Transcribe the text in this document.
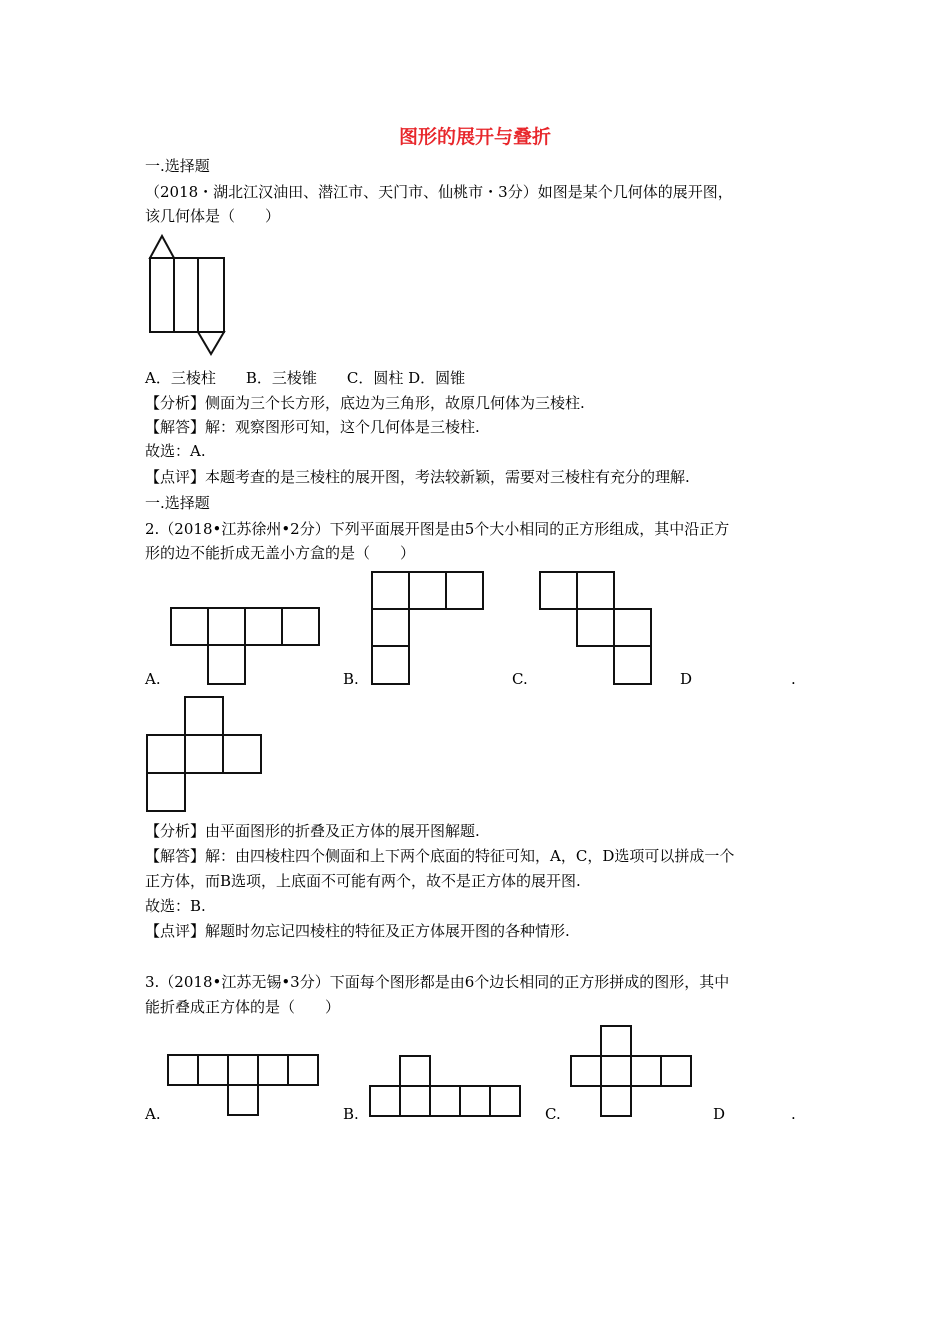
图形的展开与叠折
一.选择题
（2018・湖北江汉油田、潜江市、天门市、仙桃市・3分）如图是某个几何体的展开图，
该几何体是（　　）
A．三棱柱　　B．三棱锥　　C．圆柱 D．圆锥
【分析】侧面为三个长方形，底边为三角形，故原几何体为三棱柱.
【解答】解：观察图形可知，这个几何体是三棱柱.
故选：A.
【点评】本题考查的是三棱柱的展开图，考法较新颖，需要对三棱柱有充分的理解.
一.选择题
2.（2018•江苏徐州•2分）下列平面展开图是由5个大小相同的正方形组成，其中沿正方
形的边不能折成无盖小方盒的是（　　）
A.	B.	C.	D	.
【分析】由平面图形的折叠及正方体的展开图解题.
【解答】解：由四棱柱四个侧面和上下两个底面的特征可知，A，C，D选项可以拼成一个
正方体，而B选项，上底面不可能有两个，故不是正方体的展开图.
故选：B.
【点评】解题时勿忘记四棱柱的特征及正方体展开图的各种情形.
3.（2018•江苏无锡•3分）下面每个图形都是由6个边长相同的正方形拼成的图形，其中
能折叠成正方体的是（　　）
A.	B.	C.	D	.
